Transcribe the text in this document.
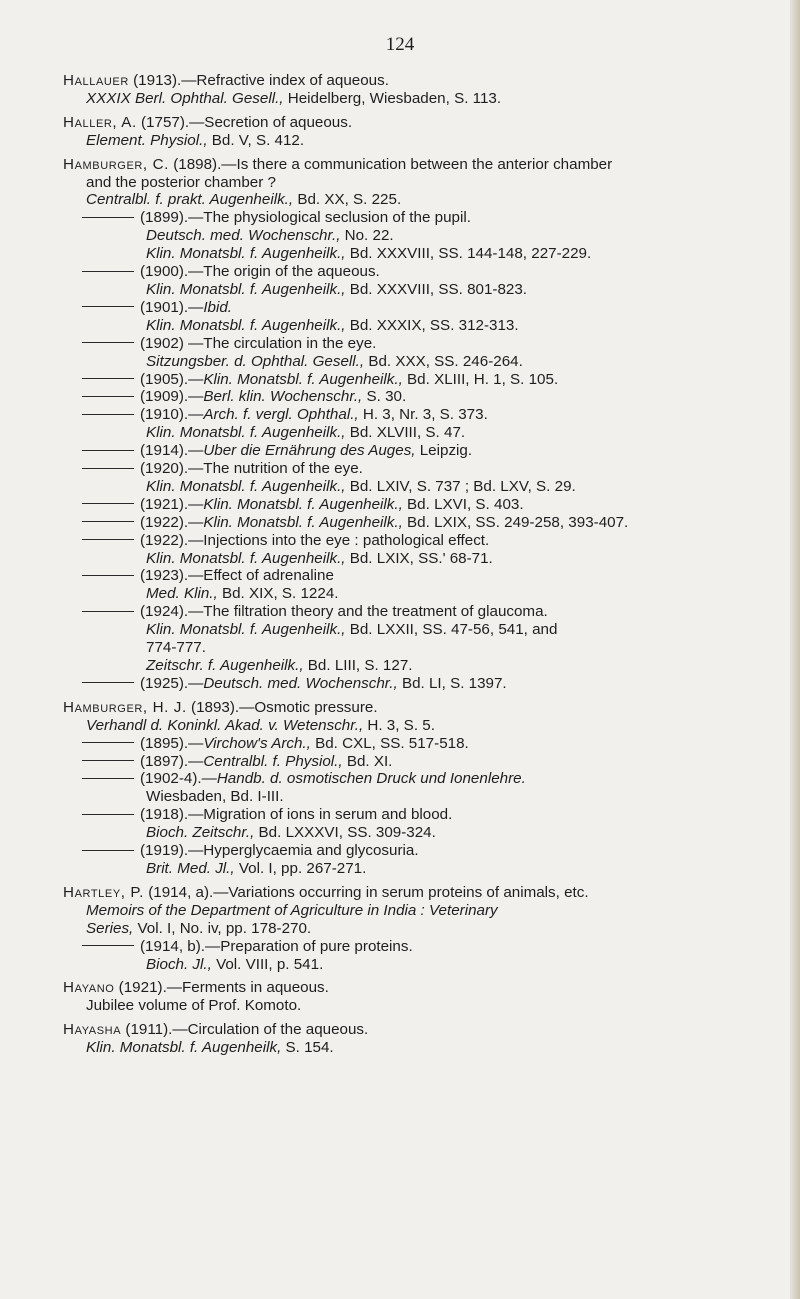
124
Hallauer (1913).—Refractive index of aqueous.
XXXIX Berl. Ophthal. Gesell., Heidelberg, Wiesbaden, S. 113.
Haller, A. (1757).—Secretion of aqueous.
Element. Physiol., Bd. V, S. 412.
Hamburger, C. (1898).—Is there a communication between the anterior chamber
and the posterior chamber ?
Centralbl. f. prakt. Augenheilk., Bd. XX, S. 225.
(1899).—The physiological seclusion of the pupil.
Deutsch. med. Wochenschr., No. 22.
Klin. Monatsbl. f. Augenheilk., Bd. XXXVIII, SS. 144-148, 227-229.
(1900).—The origin of the aqueous.
Klin. Monatsbl. f. Augenheilk., Bd. XXXVIII, SS. 801-823.
(1901).—Ibid.
Klin. Monatsbl. f. Augenheilk., Bd. XXXIX, SS. 312-313.
(1902) —The circulation in the eye.
Sitzungsber. d. Ophthal. Gesell., Bd. XXX, SS. 246-264.
(1905).—Klin. Monatsbl. f. Augenheilk., Bd. XLIII, H. 1, S. 105.
(1909).—Berl. klin. Wochenschr., S. 30.
(1910).—Arch. f. vergl. Ophthal., H. 3, Nr. 3, S. 373.
Klin. Monatsbl. f. Augenheilk., Bd. XLVIII, S. 47.
(1914).—Uber die Ernährung des Auges, Leipzig.
(1920).—The nutrition of the eye.
Klin. Monatsbl. f. Augenheilk., Bd. LXIV, S. 737 ; Bd. LXV, S. 29.
(1921).—Klin. Monatsbl. f. Augenheilk., Bd. LXVI, S. 403.
(1922).—Klin. Monatsbl. f. Augenheilk., Bd. LXIX, SS. 249-258, 393-407.
(1922).—Injections into the eye : pathological effect.
Klin. Monatsbl. f. Augenheilk., Bd. LXIX, SS.' 68-71.
(1923).—Effect of adrenaline
Med. Klin., Bd. XIX, S. 1224.
(1924).—The filtration theory and the treatment of glaucoma.
Klin. Monatsbl. f. Augenheilk., Bd. LXXII, SS. 47-56, 541, and
774-777.
Zeitschr. f. Augenheilk., Bd. LIII, S. 127.
(1925).—Deutsch. med. Wochenschr., Bd. LI, S. 1397.
Hamburger, H. J. (1893).—Osmotic pressure.
Verhandl d. Koninkl. Akad. v. Wetenschr., H. 3, S. 5.
(1895).—Virchow's Arch., Bd. CXL, SS. 517-518.
(1897).—Centralbl. f. Physiol., Bd. XI.
(1902-4).—Handb. d. osmotischen Druck und Ionenlehre.
Wiesbaden, Bd. I-III.
(1918).—Migration of ions in serum and blood.
Bioch. Zeitschr., Bd. LXXXVI, SS. 309-324.
(1919).—Hyperglycaemia and glycosuria.
Brit. Med. Jl., Vol. I, pp. 267-271.
Hartley, P. (1914, a).—Variations occurring in serum proteins of animals, etc.
Memoirs of the Department of Agriculture in India : Veterinary
Series, Vol. I, No. iv, pp. 178-270.
(1914, b).—Preparation of pure proteins.
Bioch. Jl., Vol. VIII, p. 541.
Hayano (1921).—Ferments in aqueous.
Jubilee volume of Prof. Komoto.
Hayasha (1911).—Circulation of the aqueous.
Klin. Monatsbl. f. Augenheilk, S. 154.
